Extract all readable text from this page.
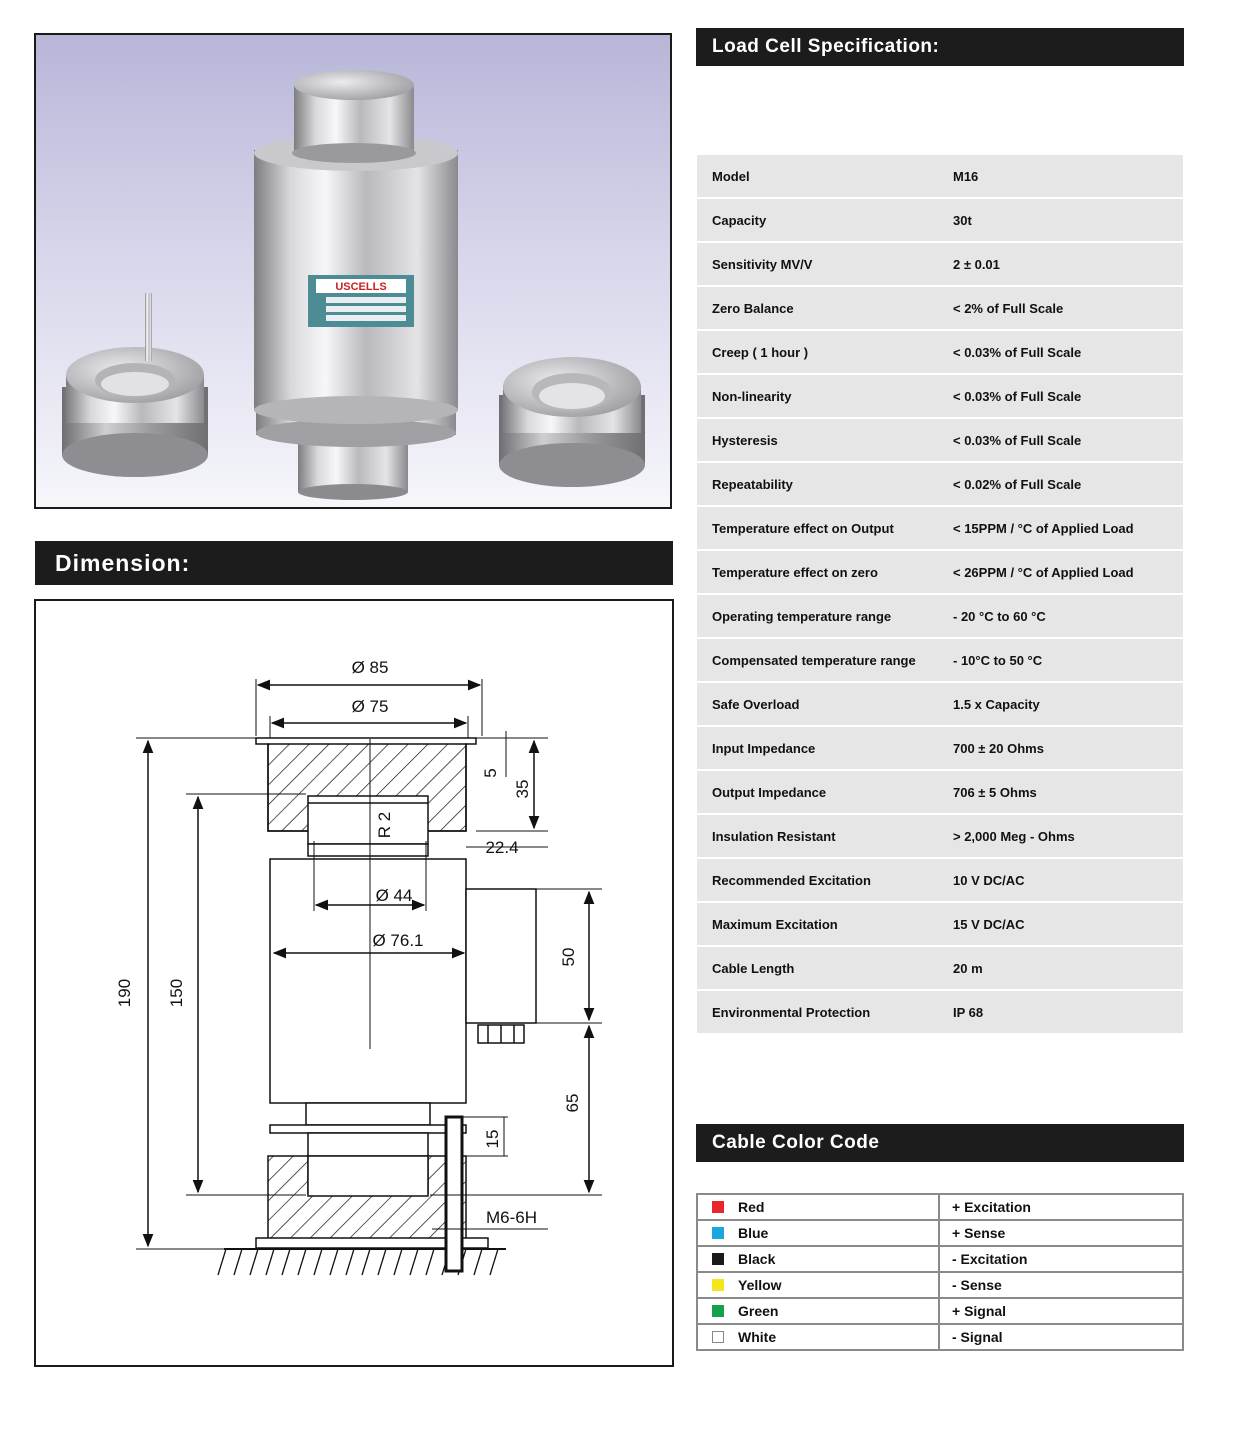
USCELLS
Dimension:
Ø 85
Ø 75
Ø 44
Ø 76.1
22.4
M6-6H
5
35
50
65
15
190 150
R 2
Load Cell Specification:
Model	M16
Capacity	30t
Sensitivity MV/V	2 ± 0.01
Zero Balance	< 2% of Full Scale
Creep ( 1 hour )	< 0.03% of Full Scale
Non-linearity	< 0.03% of Full Scale
Hysteresis	< 0.03% of Full Scale
Repeatability	< 0.02% of Full Scale
Temperature effect on Output	< 15PPM / °C of Applied Load
Temperature effect on zero	< 26PPM / °C of Applied Load
Operating temperature range	- 20 °C to 60 °C
Compensated temperature range	- 10°C to 50 °C
Safe Overload	1.5 x Capacity
Input Impedance	700 ± 20 Ohms
Output Impedance	706 ± 5 Ohms
Insulation Resistant	> 2,000 Meg - Ohms
Recommended Excitation	10 V DC/AC
Maximum Excitation	15 V DC/AC
Cable Length	20 m
Environmental Protection	IP 68
Cable Color Code
Red	+ Excitation
Blue	+ Sense
Black	- Excitation
Yellow	- Sense
Green	+ Signal
White	- Signal
